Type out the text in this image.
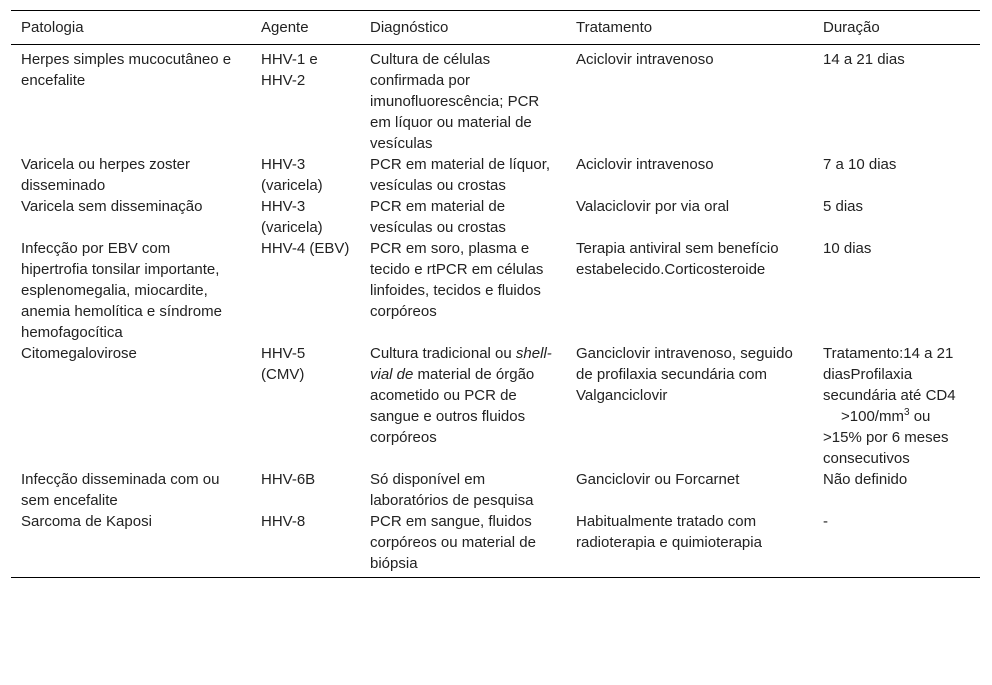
Patologia	Agente	Diagnóstico	Tratamento	Duração
Herpes simples mucocutâneo e encefalite	HHV-1 e HHV-2	Cultura de células confirmada por imunofluorescência; PCR em líquor ou material de vesículas	Aciclovir intravenoso	14 a 21 dias
Varicela ou herpes zoster disseminado	HHV-3 (varicela)	PCR em material de líquor, vesículas ou crostas	Aciclovir intravenoso	7 a 10 dias
Varicela sem disseminação	HHV-3 (varicela)	PCR em material de vesículas ou crostas	Valaciclovir por via oral	5 dias
Infecção por EBV com hipertrofia tonsilar importante, esplenomegalia, miocardite, anemia hemolítica e síndrome hemofagocítica	HHV-4 (EBV)	PCR em soro, plasma e tecido e rtPCR em células linfoides, tecidos e fluidos corpóreos	Terapia antiviral sem benefício estabelecido.Corticosteroide	10 dias
Citomegalovirose	HHV-5 (CMV)	Cultura tradicional ou shell-vial de material de órgão acometido ou PCR de sangue e outros fluidos corpóreos	Ganciclovir intravenoso, seguido de profilaxia secundária com Valganciclovir	Tratamento:14 a 21 diasProfilaxia secundária até $CD4>100/mm^3$ ou>15% por 6 meses consecutivos
Infecção disseminada com ou sem encefalite	HHV-6B	Só disponível em laboratórios de pesquisa	Ganciclovir ou Forcarnet	Não definido
Sarcoma de Kaposi	HHV-8	PCR em sangue, fluidos corpóreos ou material de biópsia	Habitualmente tratado com radioterapia e quimioterapia	-
